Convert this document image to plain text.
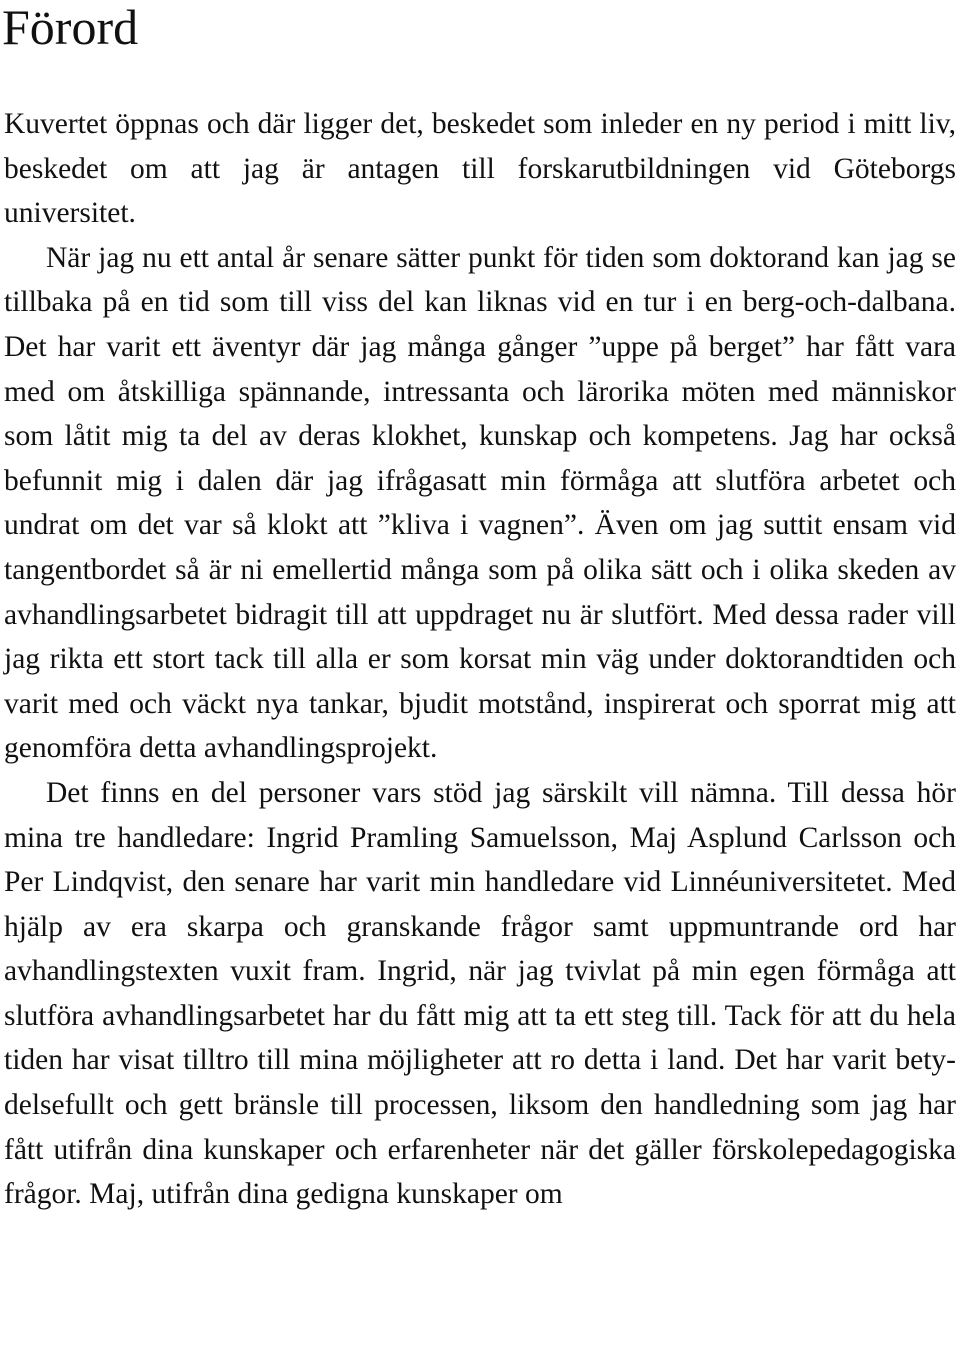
Förord

Kuvertet öppnas och där ligger det, beskedet som inleder en ny period i mitt liv, beskedet om att jag är antagen till forskarutbildningen vid Göteborgs universitet.

När jag nu ett antal år senare sätter punkt för tiden som doktorand kan jag se tillbaka på en tid som till viss del kan liknas vid en tur i en berg-och-dalbana. Det har varit ett äventyr där jag många gånger ”uppe på berget” har fått vara med om åtskilliga spännande, intressanta och lärorika möten med människor som låtit mig ta del av deras klokhet, kunskap och kompetens. Jag har också befunnit mig i dalen där jag ifrågasatt min förmåga att slutföra arbetet och undrat om det var så klokt att ”kliva i vagnen”. Även om jag suttit ensam vid tangentbordet så är ni emellertid många som på olika sätt och i olika skeden av avhandlingsarbetet bidragit till att uppdraget nu är slutfört. Med dessa rader vill jag rikta ett stort tack till alla er som korsat min väg under doktorandtiden och varit med och väckt nya tankar, bjudit motstånd, inspirerat och sporrat mig att genomföra detta avhandlingsprojekt.

Det finns en del personer vars stöd jag särskilt vill nämna. Till dessa hör mina tre handledare: Ingrid Pramling Samuelsson, Maj Asplund Carlsson och Per Lindqvist, den senare har varit min handledare vid Linnéuniversitetet. Med hjälp av era skarpa och granskande frågor samt uppmuntrande ord har avhandlingstexten vuxit fram. Ingrid, när jag tvivlat på min egen förmåga att slutföra avhandlingsarbetet har du fått mig att ta ett steg till. Tack för att du hela tiden har visat tilltro till mina möjligheter att ro detta i land. Det har varit betydelsefullt och gett bränsle till processen, liksom den handledning som jag har fått utifrån dina kunskaper och erfarenheter när det gäller förskolepedagogiska frågor. Maj, utifrån dina gedigna kunskaper om
